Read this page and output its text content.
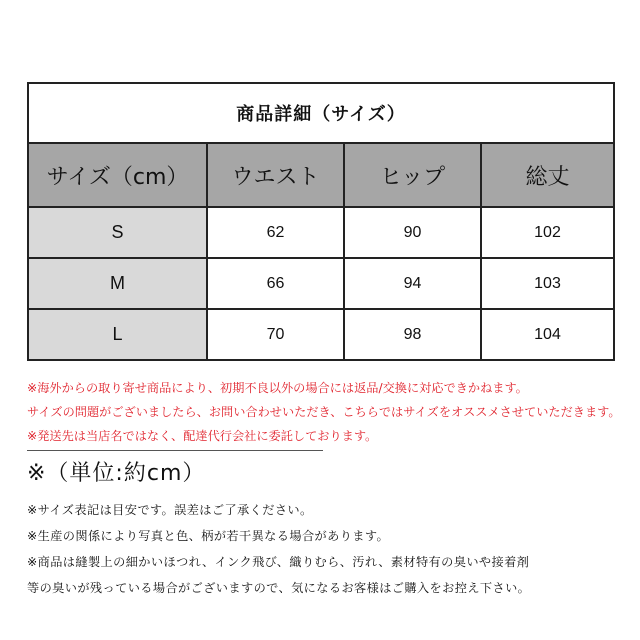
商品詳細（サイズ）			
サイズ（cm）	ウエスト	ヒップ	総丈
S	62	90	102
M	66	94	103
L	70	98	104
※海外からの取り寄せ商品により、初期不良以外の場合には返品/交換に対応できかねます。
サイズの問題がございましたら、お問い合わせいただき、こちらではサイズをオススメさせていただきます。
※発送先は当店名ではなく、配達代行会社に委託しております。
※（単位:約cm）
※サイズ表記は目安です。誤差はご了承ください。
※生産の関係により写真と色、柄が若干異なる場合があります。
※商品は縫製上の細かいほつれ、インク飛び、織りむら、汚れ、素材特有の臭いや接着剤
等の臭いが残っている場合がございますので、気になるお客様はご購入をお控え下さい。
